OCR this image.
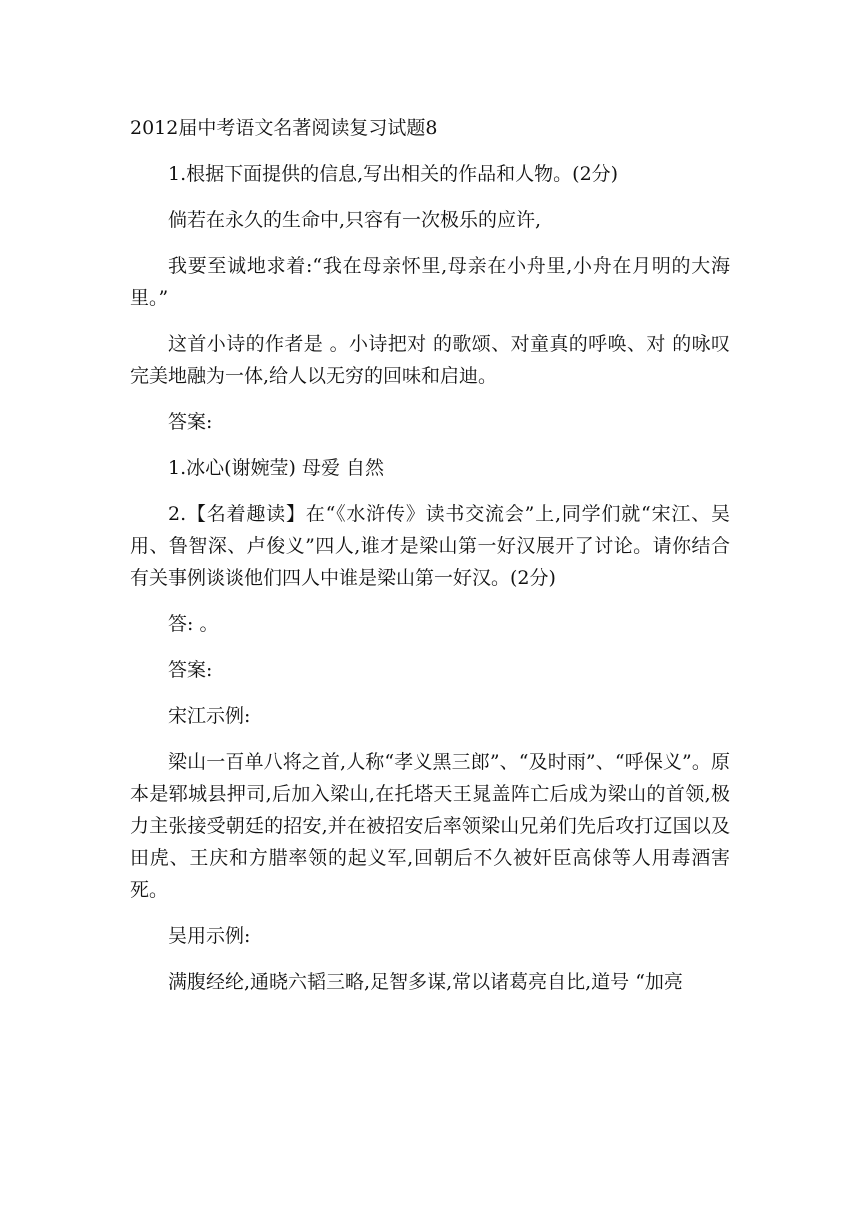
2012届中考语文名著阅读复习试题8

1.根据下面提供的信息,写出相关的作品和人物。(2分)

倘若在永久的生命中,只容有一次极乐的应许,

我要至诚地求着:“我在母亲怀里,母亲在小舟里,小舟在月明的大海里。”

这首小诗的作者是 。小诗把对 的歌颂、对童真的呼唤、对 的咏叹完美地融为一体,给人以无穷的回味和启迪。

答案:

1.冰心(谢婉莹) 母爱 自然

2.【名着趣读】在“《水浒传》读书交流会”上,同学们就“宋江、吴用、鲁智深、卢俊义”四人,谁才是梁山第一好汉展开了讨论。请你结合有关事例谈谈他们四人中谁是梁山第一好汉。(2分)

答: 。

答案:

宋江示例:

梁山一百单八将之首,人称“孝义黑三郎”、“及时雨”、“呼保义”。原本是郓城县押司,后加入梁山,在托塔天王晁盖阵亡后成为梁山的首领,极力主张接受朝廷的招安,并在被招安后率领梁山兄弟们先后攻打辽国以及田虎、王庆和方腊率领的起义军,回朝后不久被奸臣高俅等人用毒酒害死。

吴用示例:

满腹经纶,通晓六韬三略,足智多谋,常以诸葛亮自比,道号 “加亮
